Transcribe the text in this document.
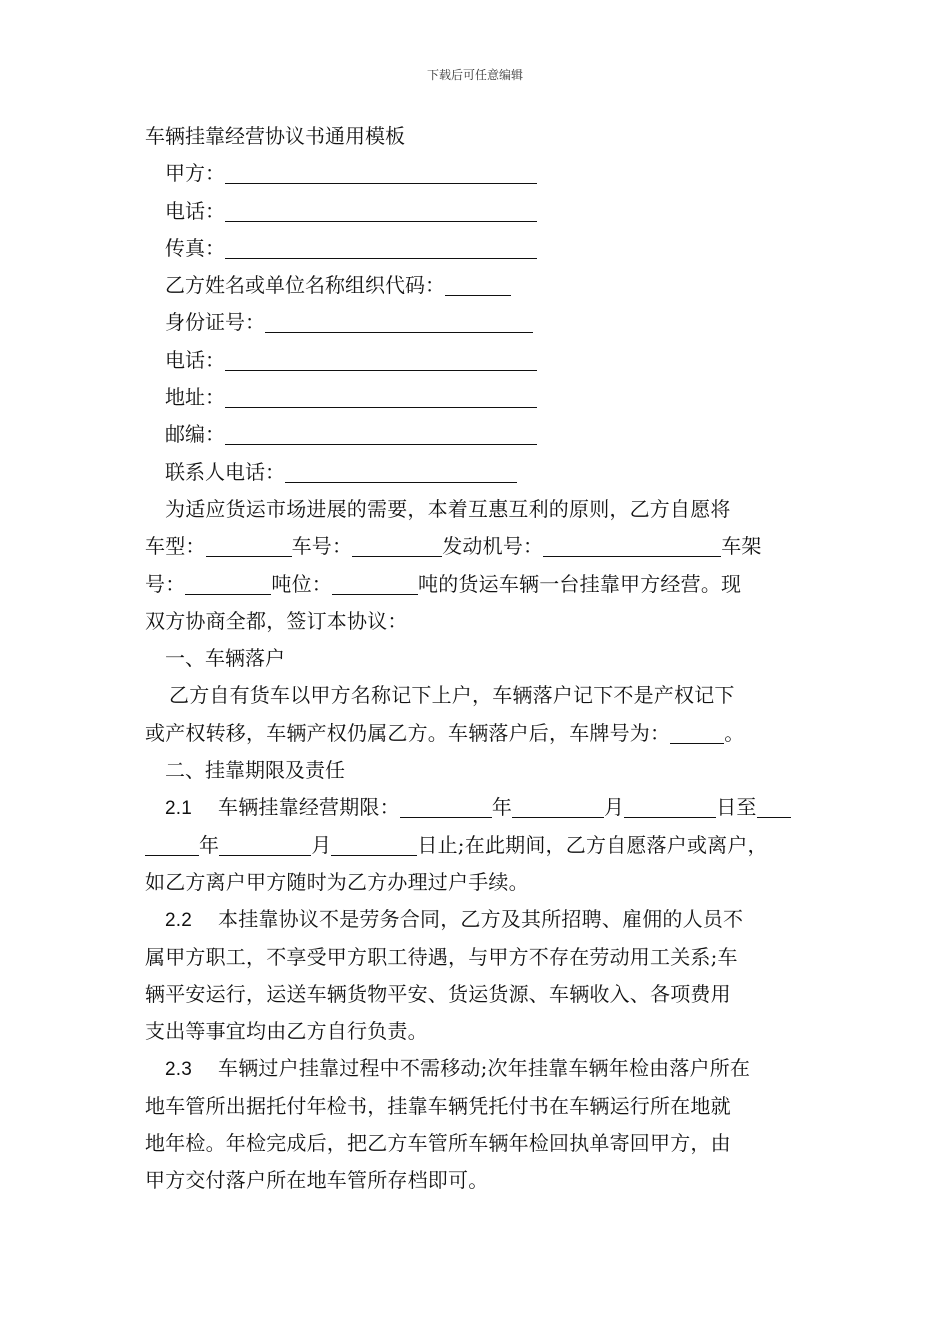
下载后可任意编辑
车辆挂靠经营协议书通用模板
甲方：
电话：
传真：
乙方姓名或单位名称组织代码：
身份证号：
电话：
地址：
邮编：
联系人电话：
为适应货运市场进展的需要，本着互惠互利的原则，乙方自愿将
车型：	车号：	发动机号：	车架
号：	吨位：	吨的货运车辆一台挂靠甲方经营。现
双方协商全都，签订本协议：
一、车辆落户
乙方自有货车以甲方名称记下上户，车辆落户记下不是产权记下
或产权转移，车辆产权仍属乙方。车辆落户后，车牌号为：	。
二、挂靠期限及责任
2.1 车辆挂靠经营期限：	年	月	日至
年	月	日止;在此期间，乙方自愿落户或离户，
如乙方离户甲方随时为乙方办理过户手续。
2.2 本挂靠协议不是劳务合同，乙方及其所招聘、雇佣的人员不
属甲方职工，不享受甲方职工待遇，与甲方不存在劳动用工关系;车
辆平安运行，运送车辆货物平安、货运货源、车辆收入、各项费用
支出等事宜均由乙方自行负责。
2.3 车辆过户挂靠过程中不需移动;次年挂靠车辆年检由落户所在
地车管所出据托付年检书，挂靠车辆凭托付书在车辆运行所在地就
地年检。年检完成后，把乙方车管所车辆年检回执单寄回甲方，由
甲方交付落户所在地车管所存档即可。
